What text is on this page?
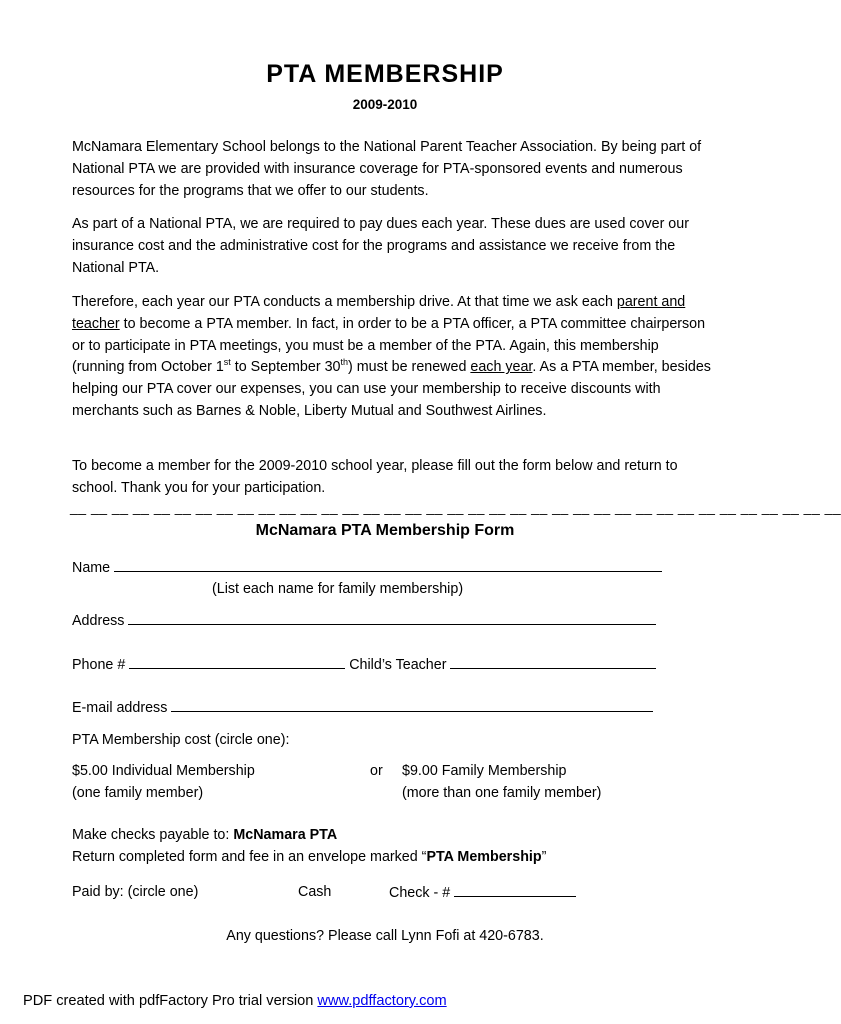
PTA MEMBERSHIP
2009-2010
McNamara Elementary School belongs to the National Parent Teacher Association. By being part of National PTA we are provided with insurance coverage for PTA-sponsored events and numerous resources for the programs that we offer to our students.
As part of a National PTA, we are required to pay dues each year. These dues are used cover our insurance cost and the administrative cost for the programs and assistance we receive from the National PTA.
Therefore, each year our PTA conducts a membership drive. At that time we ask each parent and teacher to become a PTA member. In fact, in order to be a PTA officer, a PTA committee chairperson or to participate in PTA meetings, you must be a member of the PTA. Again, this membership (running from October 1st to September 30th) must be renewed each year. As a PTA member, besides helping our PTA cover our expenses, you can use your membership to receive discounts with merchants such as Barnes & Noble, Liberty Mutual and Southwest Airlines.
To become a member for the 2009-2010 school year, please fill out the form below and return to school. Thank you for your participation.
__ __ __ __ __ __ __ __ __ __ __ __ __ __ __ __ __ __ __ __ __ __ __ __ __ __ __ __ __ __ __ __ __ __ __ __ __
McNamara PTA Membership Form
Name
(List each name for family membership)
Address
Phone #	Child’s Teacher
E-mail address
PTA Membership cost (circle one):
$5.00 Individual Membership
(one family member)
or $9.00 Family Membership
(more than one family member)
Make checks payable to: McNamara PTA
Return completed form and fee in an envelope marked “PTA Membership”
Paid by: (circle one)	Cash	Check - #
Any questions? Please call Lynn Fofi at 420-6783.
PDF created with pdfFactory Pro trial version www.pdffactory.com
